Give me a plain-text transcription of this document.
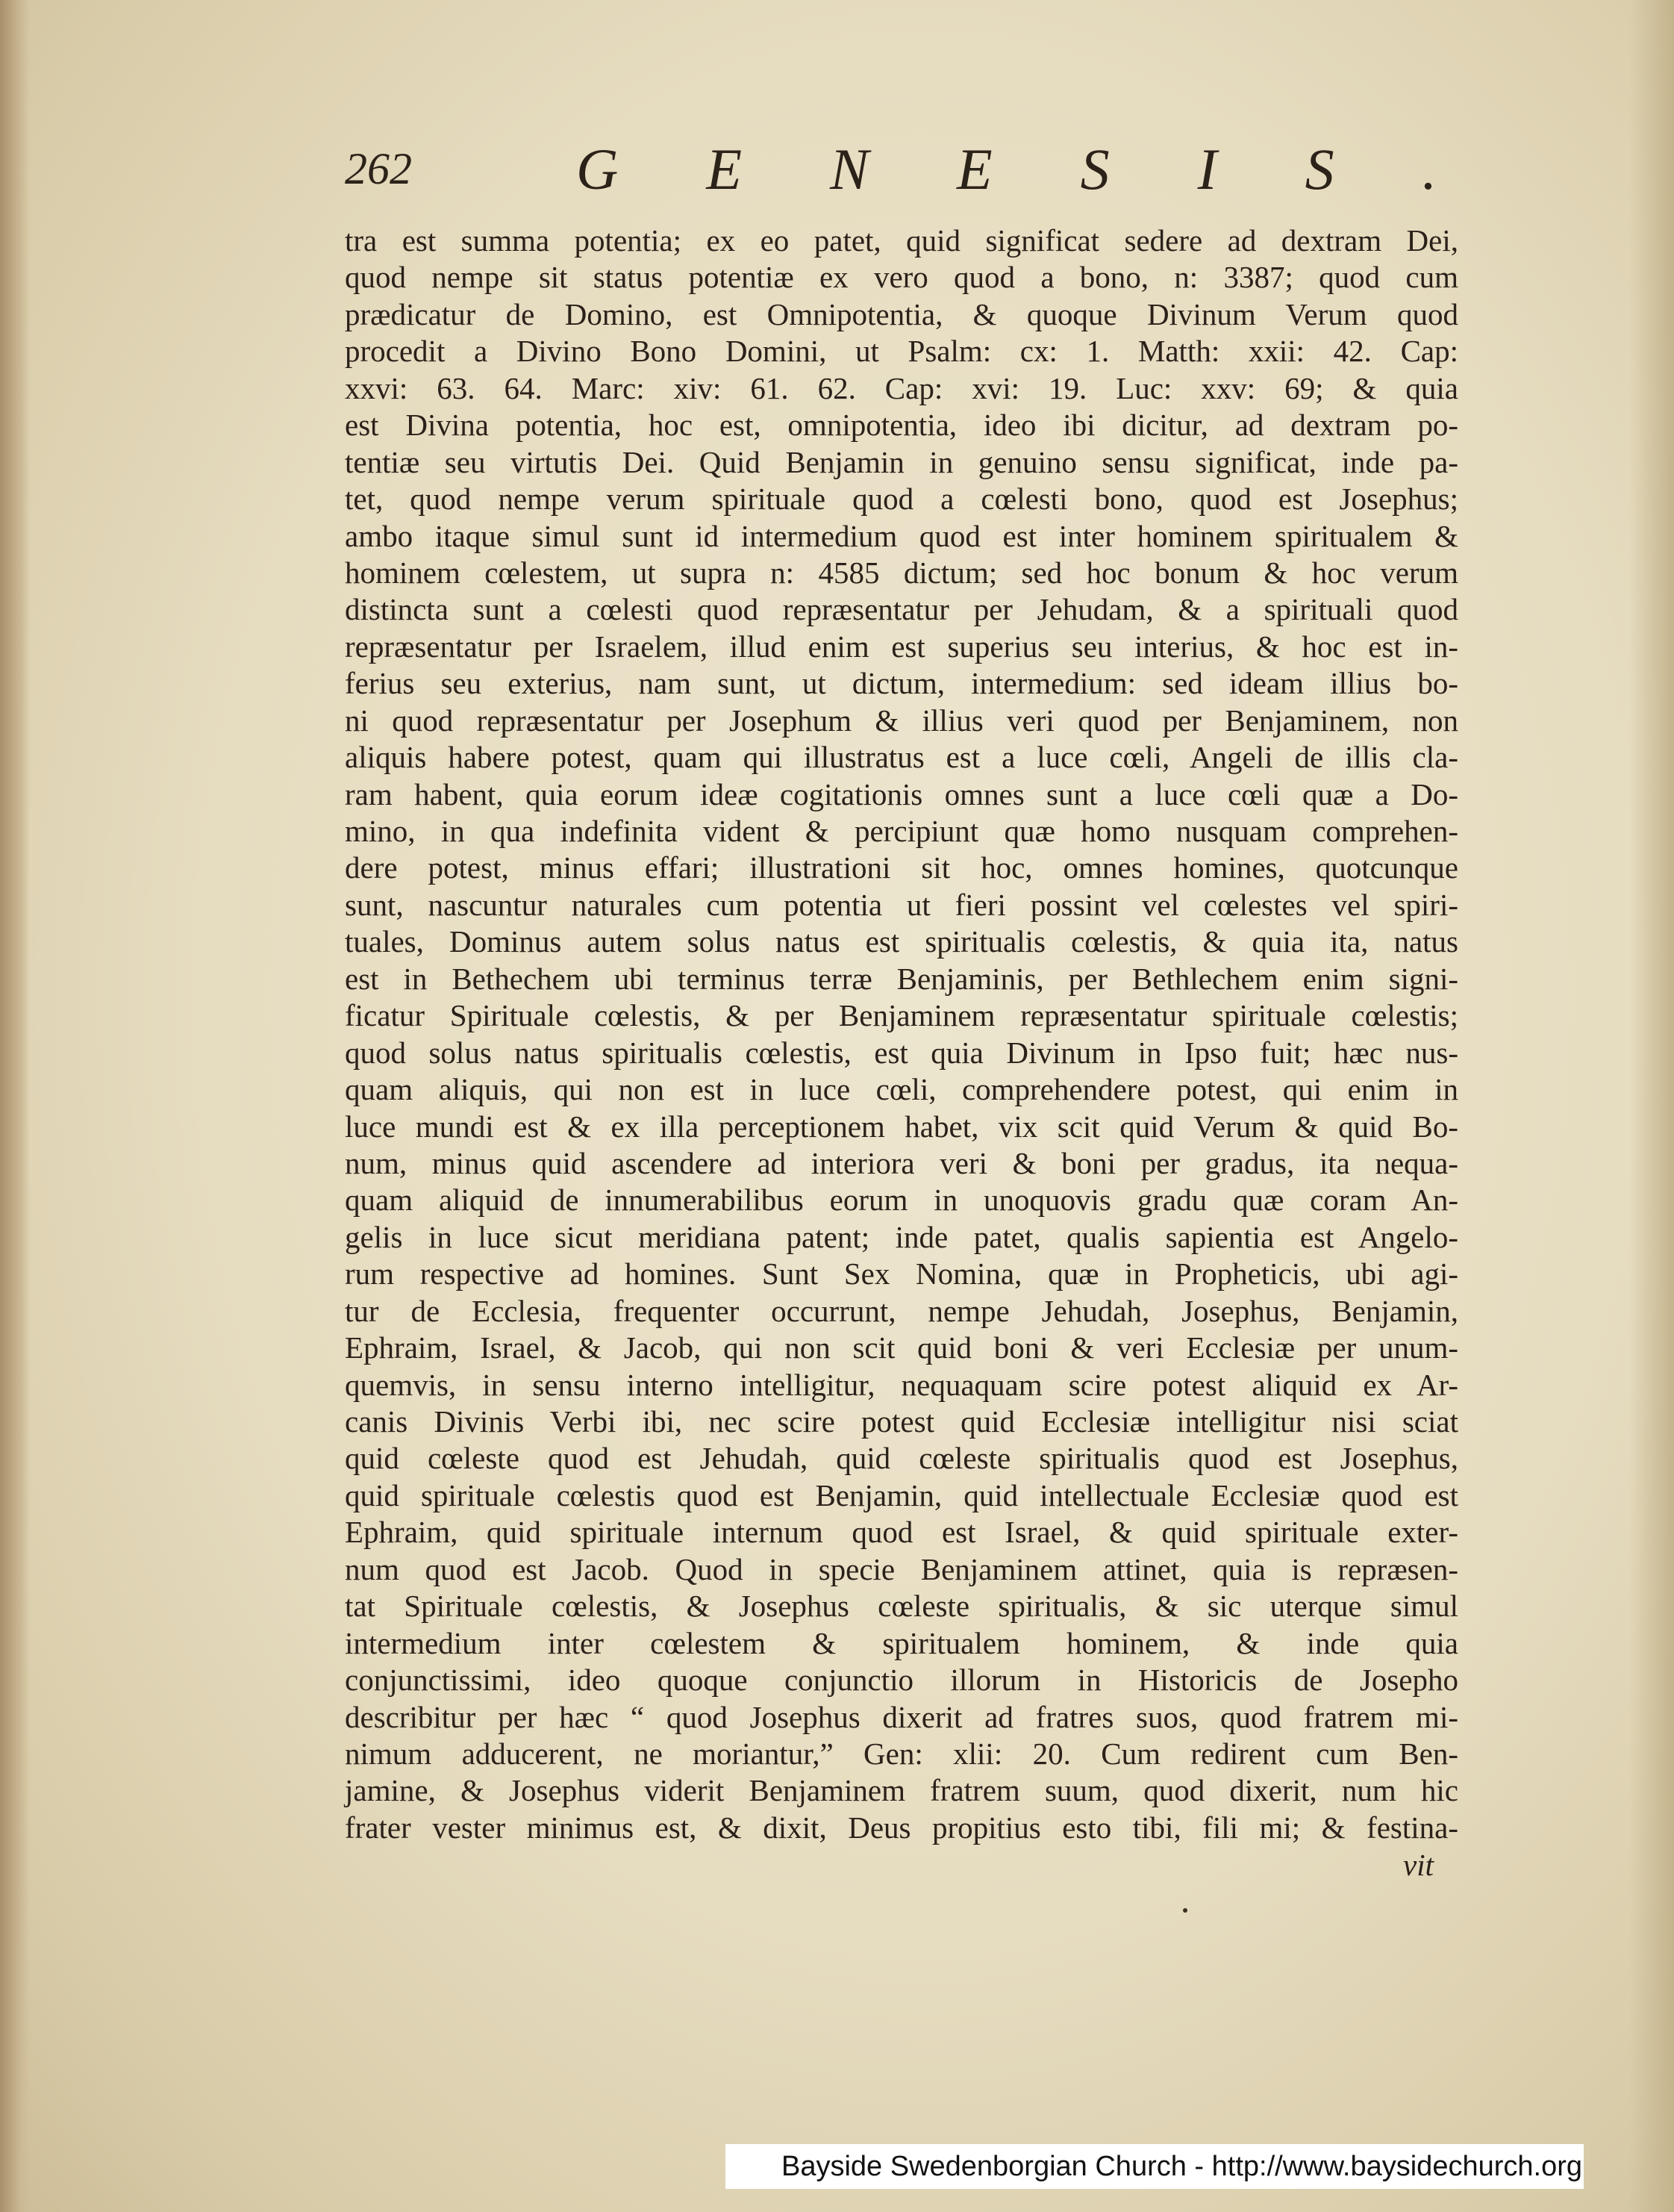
262	GENESIS.
tra est summa potentia; ex eo patet, quid significat sedere ad dextram Dei,
quod nempe sit status potentiæ ex vero quod a bono, n: 3387; quod cum
prædicatur de Domino, est Omnipotentia, & quoque Divinum Verum quod
procedit a Divino Bono Domini, ut Psalm: cx: 1. Matth: xxii: 42. Cap:
xxvi: 63. 64. Marc: xiv: 61. 62. Cap: xvi: 19. Luc: xxv: 69; & quia
est Divina potentia, hoc est, omnipotentia, ideo ibi dicitur, ad dextram po-
tentiæ seu virtutis Dei. Quid Benjamin in genuino sensu significat, inde pa-
tet, quod nempe verum spirituale quod a cœlesti bono, quod est Josephus;
ambo itaque simul sunt id intermedium quod est inter hominem spiritualem &
hominem cœlestem, ut supra n: 4585 dictum; sed hoc bonum & hoc verum
distincta sunt a cœlesti quod repræsentatur per Jehudam, & a spirituali quod
repræsentatur per Israelem, illud enim est superius seu interius, & hoc est in-
ferius seu exterius, nam sunt, ut dictum, intermedium: sed ideam illius bo-
ni quod repræsentatur per Josephum & illius veri quod per Benjaminem, non
aliquis habere potest, quam qui illustratus est a luce cœli, Angeli de illis cla-
ram habent, quia eorum ideæ cogitationis omnes sunt a luce cœli quæ a Do-
mino, in qua indefinita vident & percipiunt quæ homo nusquam comprehen-
dere potest, minus effari; illustrationi sit hoc, omnes homines, quotcunque
sunt, nascuntur naturales cum potentia ut fieri possint vel cœlestes vel spiri-
tuales, Dominus autem solus natus est spiritualis cœlestis, & quia ita, natus
est in Bethechem ubi terminus terræ Benjaminis, per Bethlechem enim signi-
ficatur Spirituale cœlestis, & per Benjaminem repræsentatur spirituale cœlestis;
quod solus natus spiritualis cœlestis, est quia Divinum in Ipso fuit; hæc nus-
quam aliquis, qui non est in luce cœli, comprehendere potest, qui enim in
luce mundi est & ex illa perceptionem habet, vix scit quid Verum & quid Bo-
num, minus quid ascendere ad interiora veri & boni per gradus, ita nequa-
quam aliquid de innumerabilibus eorum in unoquovis gradu quæ coram An-
gelis in luce sicut meridiana patent; inde patet, qualis sapientia est Angelo-
rum respective ad homines. Sunt Sex Nomina, quæ in Propheticis, ubi agi-
tur de Ecclesia, frequenter occurrunt, nempe Jehudah, Josephus, Benjamin,
Ephraim, Israel, & Jacob, qui non scit quid boni & veri Ecclesiæ per unum-
quemvis, in sensu interno intelligitur, nequaquam scire potest aliquid ex Ar-
canis Divinis Verbi ibi, nec scire potest quid Ecclesiæ intelligitur nisi sciat
quid cœleste quod est Jehudah, quid cœleste spiritualis quod est Josephus,
quid spirituale cœlestis quod est Benjamin, quid intellectuale Ecclesiæ quod est
Ephraim, quid spirituale internum quod est Israel, & quid spirituale exter-
num quod est Jacob. Quod in specie Benjaminem attinet, quia is repræsen-
tat Spirituale cœlestis, & Josephus cœleste spiritualis, & sic uterque simul
intermedium inter cœlestem & spiritualem hominem, & inde quia
conjunctissimi, ideo quoque conjunctio illorum in Historicis de Josepho
describitur per hæc “ quod Josephus dixerit ad fratres suos, quod fratrem mi-
nimum adducerent, ne moriantur,” Gen: xlii: 20. Cum redirent cum Ben-
jamine, & Josephus viderit Benjaminem fratrem suum, quod dixerit, num hic
frater vester minimus est, & dixit, Deus propitius esto tibi, fili mi; & festina-
vit
Bayside Swedenborgian Church - http://www.baysidechurch.org
